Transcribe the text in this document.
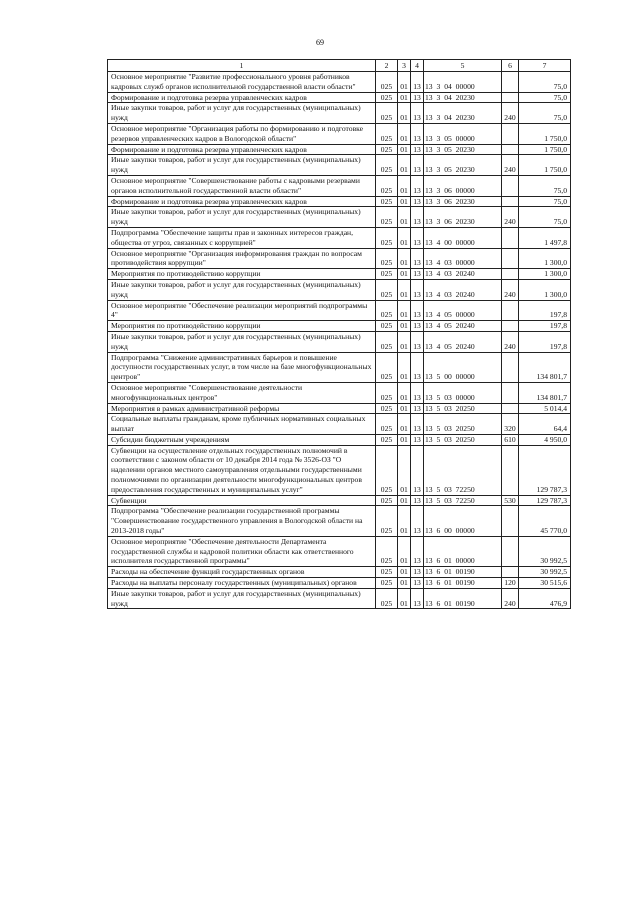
69
1	2	3	4	5	6	7
Основное мероприятие "Развитие профессионального уровня работников кадровых служб органов исполнительной государственной власти области"	025	01	13	13 3 04 00000		75,0
Формирование и подготовка резерва управленческих кадров	025	01	13	13 3 04 20230		75,0
Иные закупки товаров, работ и услуг для государственных (муниципальных) нужд	025	01	13	13 3 04 20230	240	75,0
Основное мероприятие "Организация работы по формированию и подготовке резервов управленческих кадров в Вологодской области"	025	01	13	13 3 05 00000		1 750,0
Формирование и подготовка резерва управленческих кадров	025	01	13	13 3 05 20230		1 750,0
Иные закупки товаров, работ и услуг для государственных (муниципальных) нужд	025	01	13	13 3 05 20230	240	1 750,0
Основное мероприятие "Совершенствование работы с кадровыми резервами органов исполнительной государственной власти области"	025	01	13	13 3 06 00000		75,0
Формирование и подготовка резерва управленческих кадров	025	01	13	13 3 06 20230		75,0
Иные закупки товаров, работ и услуг для государственных (муниципальных) нужд	025	01	13	13 3 06 20230	240	75,0
Подпрограмма "Обеспечение защиты прав и законных интересов граждан, общества от угроз, связанных с коррупцией"	025	01	13	13 4 00 00000		1 497,8
Основное мероприятие "Организация информирования граждан по вопросам противодействия коррупции"	025	01	13	13 4 03 00000		1 300,0
Мероприятия по противодействию коррупции	025	01	13	13 4 03 20240		1 300,0
Иные закупки товаров, работ и услуг для государственных (муниципальных) нужд	025	01	13	13 4 03 20240	240	1 300,0
Основное мероприятие "Обеспечение реализации мероприятий подпрограммы 4"	025	01	13	13 4 05 00000		197,8
Мероприятия по противодействию коррупции	025	01	13	13 4 05 20240		197,8
Иные закупки товаров, работ и услуг для государственных (муниципальных) нужд	025	01	13	13 4 05 20240	240	197,8
Подпрограмма "Снижение административных барьеров и повышение доступности государственных услуг, в том числе на базе многофункциональных центров"	025	01	13	13 5 00 00000		134 801,7
Основное мероприятие "Совершенствование деятельности многофункциональных центров"	025	01	13	13 5 03 00000		134 801,7
Мероприятия в рамках административной реформы	025	01	13	13 5 03 20250		5 014,4
Социальные выплаты гражданам, кроме публичных нормативных социальных выплат	025	01	13	13 5 03 20250	320	64,4
Субсидии бюджетным учреждениям	025	01	13	13 5 03 20250	610	4 950,0
Субвенции на осуществление отдельных государственных полномочий в соответствии с законом области от 10 декабря 2014 года № 3526-ОЗ "О наделении органов местного самоуправления отдельными государственными полномочиями по организации деятельности многофункциональных центров предоставления государственных и муниципальных услуг"	025	01	13	13 5 03 72250		129 787,3
Субвенции	025	01	13	13 5 03 72250	530	129 787,3
Подпрограмма "Обеспечение реализации государственной программы "Совершенствование государственного управления в Вологодской области на 2013-2018 годы"	025	01	13	13 6 00 00000		45 770,0
Основное мероприятие "Обеспечение деятельности Департамента государственной службы и кадровой политики области как ответственного исполнителя государственной программы"	025	01	13	13 6 01 00000		30 992,5
Расходы на обеспечение функций государственных органов	025	01	13	13 6 01 00190		30 992,5
Расходы на выплаты персоналу государственных (муниципальных) органов	025	01	13	13 6 01 00190	120	30 515,6
Иные закупки товаров, работ и услуг для государственных (муниципальных) нужд	025	01	13	13 6 01 00190	240	476,9
